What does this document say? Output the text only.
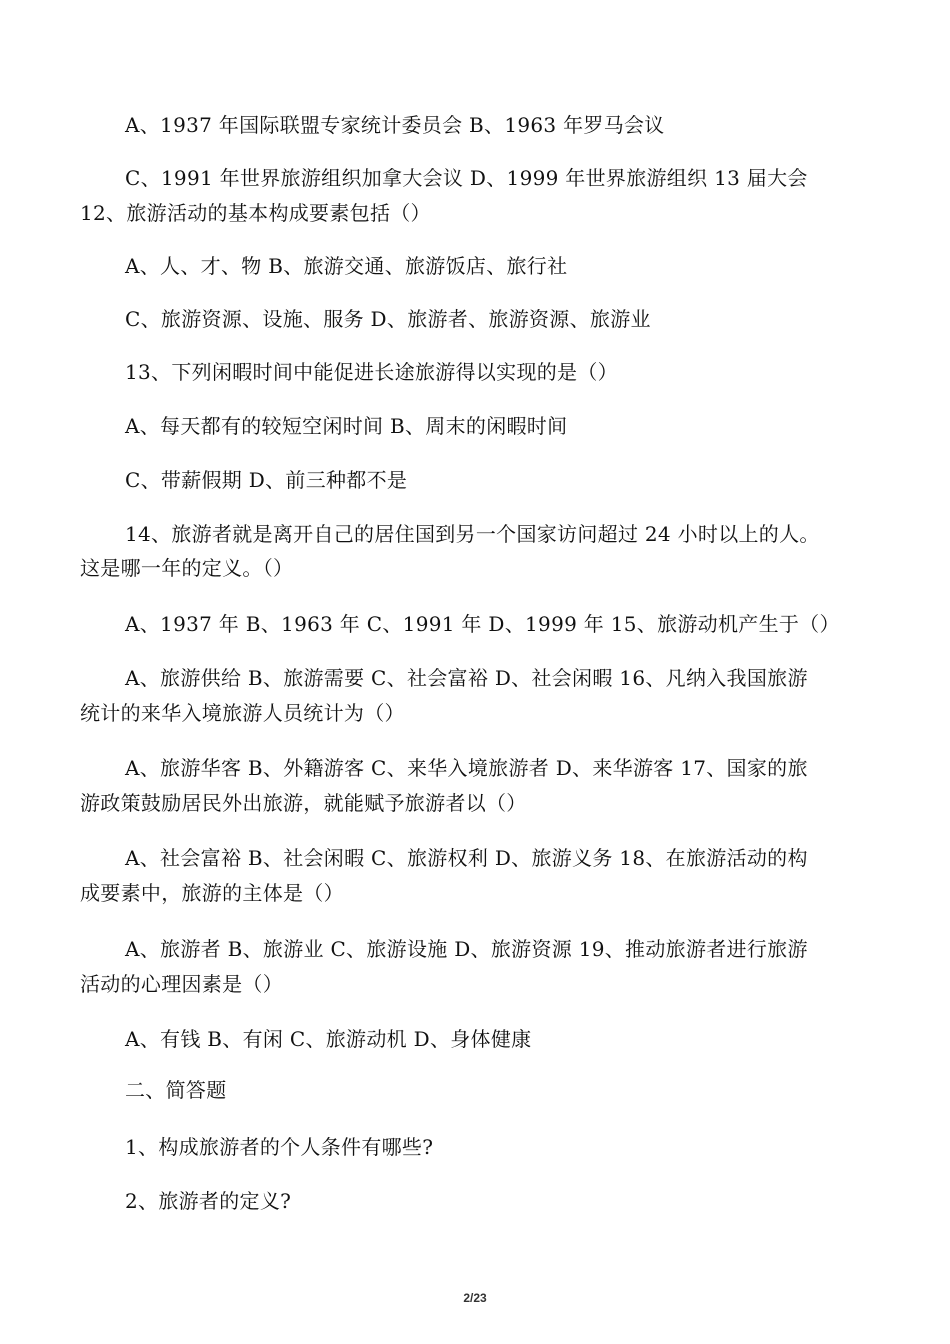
A、1937 年国际联盟专家统计委员会 B、1963 年罗马会议
C、1991 年世界旅游组织加拿大会议 D、1999 年世界旅游组织 13 届大会
12、旅游活动的基本构成要素包括（）
A、人、才、物 B、旅游交通、旅游饭店、旅行社
C、旅游资源、设施、服务 D、旅游者、旅游资源、旅游业
13、下列闲暇时间中能促进长途旅游得以实现的是（）
A、每天都有的较短空闲时间 B、周末的闲暇时间
C、带薪假期 D、前三种都不是
14、旅游者就是离开自己的居住国到另一个国家访问超过 24 小时以上的人。
这是哪一年的定义。（）
A、1937 年 B、1963 年 C、1991 年 D、1999 年 15、旅游动机产生于（）
A、旅游供给 B、旅游需要 C、社会富裕 D、社会闲暇 16、凡纳入我国旅游
统计的来华入境旅游人员统计为（）
A、旅游华客 B、外籍游客 C、来华入境旅游者 D、来华游客 17、国家的旅
游政策鼓励居民外出旅游，就能赋予旅游者以（）
A、社会富裕 B、社会闲暇 C、旅游权利 D、旅游义务 18、在旅游活动的构
成要素中，旅游的主体是（）
A、旅游者 B、旅游业 C、旅游设施 D、旅游资源 19、推动旅游者进行旅游
活动的心理因素是（）
A、有钱 B、有闲 C、旅游动机 D、身体健康
二、简答题
1、构成旅游者的个人条件有哪些?
2、旅游者的定义?
2/23
